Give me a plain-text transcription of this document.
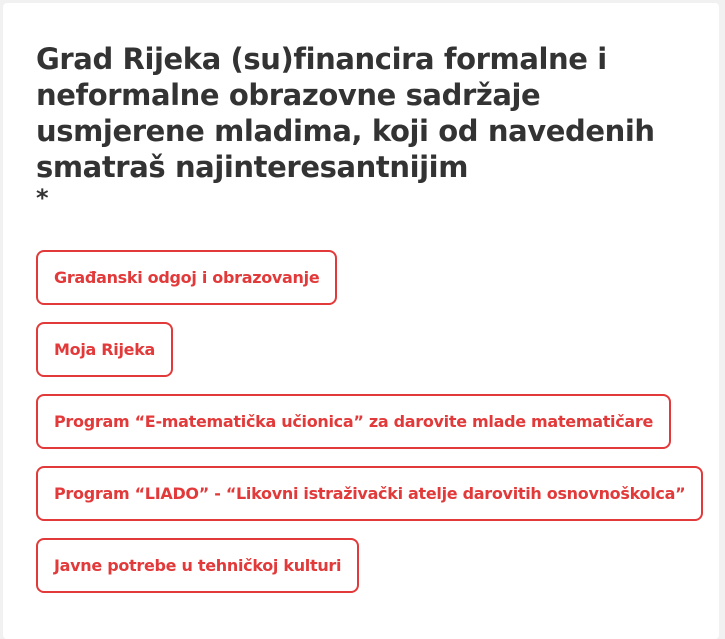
Grad Rijeka (su)financira formalne i neformalne obrazovne sadržaje usmjerene mladima, koji od navedenih smatraš najinteresantnijim
*
Građanski odgoj i obrazovanje
Moja Rijeka
Program “E-matematička učionica” za darovite mlade matematičare
Program “LIADO” - “Likovni istraživački atelje darovitih osnovnoškolca”
Javne potrebe u tehničkoj kulturi
